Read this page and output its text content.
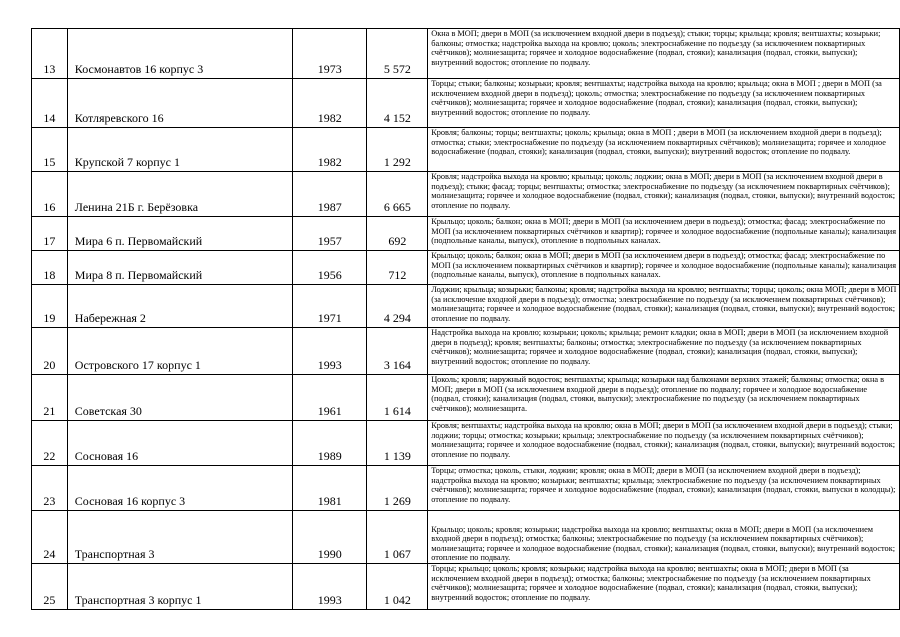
13	Космонавтов 16 корпус 3	1973	5 572	Окна в МОП; двери в МОП (за исключением входной двери в подъезд); стыки; торцы; крыльца; кровля; вентшахты; козырьки; балконы; отмостка; надстройка выхода на кровлю; цоколь; электроснабжение по подъезду (за исключением поквартирных счётчиков); молниезащита; горячее и холодное водоснабжение (подвал, стояки); канализация (подвал, стояки, выпуски); внутренний водосток; отопление по подвалу.

14	Котляревского 16	1982	4 152	Торцы; стыки; балконы; козырьки; кровля; вентшахты; надстройка выхода на кровлю; крыльца; окна в МОП ; двери в МОП (за исключением входной двери в подъезд); цоколь; отмостка; электроснабжение по подъезду (за исключением поквартирных счётчиков); молниезащита; горячее и холодное водоснабжение (подвал, стояки); канализация (подвал, стояки, выпуски); внутренний водосток; отопление по подвалу.

15	Крупской 7 корпус 1	1982	1 292	Кровля; балконы; торцы; вентшахты; цоколь; крыльца; окна в МОП ; двери в МОП (за исключением входной двери в подъезд); отмостка; стыки; электроснабжение по подъезду (за исключением поквартирных счётчиков); молниезащита; горячее и холодное водоснабжение (подвал, стояки); канализация (подвал, стояки, выпуски); внутренний водосток; отопление по подвалу.

16	Ленина 21Б г. Берёзовка	1987	6 665	Кровля; надстройка выхода на кровлю; крыльца; цоколь; лоджии; окна в МОП; двери в МОП (за исключением входной двери в подъезд); стыки; фасад; торцы; вентшахты; отмостка; электроснабжение по подъезду (за исключением поквартирных счётчиков); молниезащита; горячее и холодное водоснабжение (подвал, стояки); канализация (подвал, стояки, выпуски); внутренний водосток; отопление по подвалу.

17	Мира 6 п. Первомайский	1957	692	Крыльцо; цоколь; балкон; окна в МОП; двери в МОП (за исключением двери в подъезд); отмостка; фасад; электроснабжение по МОП (за исключением поквартирных счётчиков и квартир); горячее и холодное водоснабжение (подпольные каналы); канализация (подпольные каналы, выпуск), отопление в подпольных каналах.

18	Мира 8 п. Первомайский	1956	712	Крыльцо; цоколь; балкон; окна в МОП; двери в МОП (за исключением двери в подъезд); отмостка; фасад; электроснабжение по МОП (за исключением поквартирных счётчиков и квартир); горячее и холодное водоснабжение (подпольные каналы); канализация (подпольные каналы, выпуск), отопление в подпольных каналах.

19	Набережная 2	1971	4 294	Лоджии; крыльца; козырьки; балконы; кровля; надстройка выхода на кровлю; вентшахты; торцы; цоколь; окна МОП; двери в МОП (за исключение входной двери в подъезд); отмостка; электроснабжение по подъезду (за исключением поквартирных счётчиков); молниезащита; горячее и холодное водоснабжение (подвал, стояки); канализация (подвал, стояки, выпуски); внутренний водосток; отопление по подвалу.

20	Островского 17 корпус 1	1993	3 164	Надстройка выхода на кровлю; козырьки; цоколь; крыльца; ремонт кладки; окна в МОП; двери в МОП (за исключением входной двери в подъезд); кровля; вентшахты; балконы; отмостка; электроснабжение по подъезду (за исключением поквартирных счётчиков); молниезащита; горячее и холодное водоснабжение (подвал, стояки); канализация (подвал, стояки, выпуски); внутренний водосток; отопление по подвалу.

21	Советская 30	1961	1 614	Цоколь; кровля; наружный водосток; вентшахты; крыльца; козырьки над балконами верхних этажей; балконы; отмостка; окна в МОП; двери в МОП (за исключением входной двери в подъезд); отопление по подвалу; горячее и холодное водоснабжение (подвал, стояки); канализация (подвал, стояки, выпуски); электроснабжение по подъезду (за исключением поквартирных счётчиков); молниезащита.

22	Сосновая 16	1989	1 139	Кровля; вентшахты; надстройка выхода на кровлю; окна в МОП; двери в МОП (за исключением входной двери в подъезд); стыки; лоджии; торцы; отмостка; козырьки; крыльца; электроснабжение по подъезду (за исключением поквартирных счётчиков); молниезащита; горячее и холодное водоснабжение (подвал, стояки); канализация (подвал, стояки, выпуски); внутренний водосток; отопление по подвалу.

23	Сосновая 16 корпус 3	1981	1 269	Торцы; отмостка; цоколь, стыки, лоджии; кровля; окна в МОП; двери в МОП (за исключением входной двери в подъезд); надстройка выхода на кровлю; козырьки; вентшахты; крыльца; электроснабжение по подъезду (за исключением поквартирных счётчиков); молниезащита; горячее и холодное водоснабжение (подвал, стояки); канализация (подвал, стояки, выпуски в колодцы); отопление по подвалу.

24	Транспортная 3	1990	1 067	Крыльцо; цоколь; кровля; козырьки; надстройка выхода на кровлю; вентшахты; окна в МОП; двери в МОП (за исключением входной двери в подъезд); отмостка; балконы; электроснабжение по подъезду (за исключением поквартирных счётчиков); молниезащита; горячее и холодное водоснабжение (подвал, стояки); канализация (подвал, стояки, выпуски); внутренний водосток; отопление по подвалу.

25	Транспортная 3 корпус 1	1993	1 042	Торцы; крыльцо; цоколь; кровля; козырьки; надстройка выхода на кровлю; вентшахты; окна в МОП; двери в МОП (за исключением входной двери в подъезд); отмостка; балконы; электроснабжение по подъезду (за исключением поквартирных счётчиков); молниезащита; горячее и холодное водоснабжение (подвал, стояки); канализация (подвал, стояки, выпуски); внутренний водосток; отопление по подвалу.
